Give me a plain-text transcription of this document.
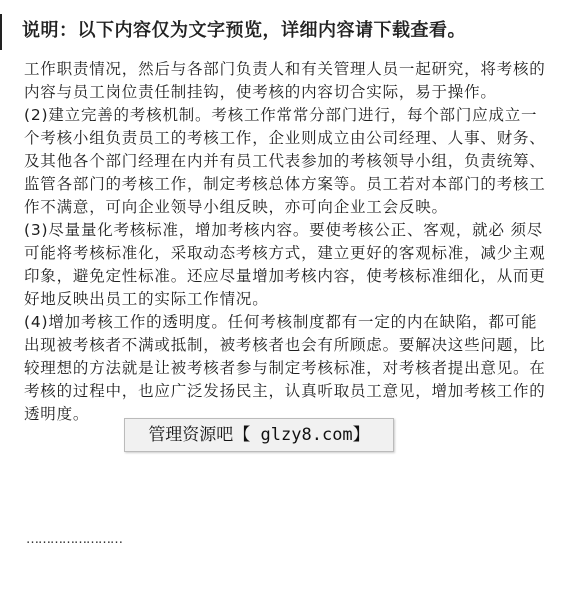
说明：以下内容仅为文字预览，详细内容请下载查看。

工作职责情况，然后与各部门负责人和有关管理人员一起研究，将考核的内容与员工岗位责任制挂钩，使考核的内容切合实际，易于操作。

(2)建立完善的考核机制。考核工作常常分部门进行，每个部门应成立一个考核小组负责员工的考核工作，企业则成立由公司经理、人事、财务、及其他各个部门经理在内并有员工代表参加的考核领导小组，负责统筹、监管各部门的考核工作，制定考核总体方案等。员工若对本部门的考核工作不满意，可向企业领导小组反映，亦可向企业工会反映。

(3)尽量量化考核标准，增加考核内容。要使考核公正、客观，就必 须尽可能将考核标准化，采取动态考核方式，建立更好的客观标准，减少主观印象，避免定性标准。还应尽量增加考核内容，使考核标准细化，从而更好地反映出员工的实际工作情况。

(4)增加考核工作的透明度。任何考核制度都有一定的内在缺陷，都可能出现被考核者不满或抵制，被考核者也会有所顾虑。要解决这些问题，比较理想的方法就是让被考核者参与制定考核标准，对考核者提出意见。在考核的过程中，也应广泛发扬民主，认真听取员工意见，增加考核工作的透明度。

管理资源吧【 glzy8.com】
……………………
